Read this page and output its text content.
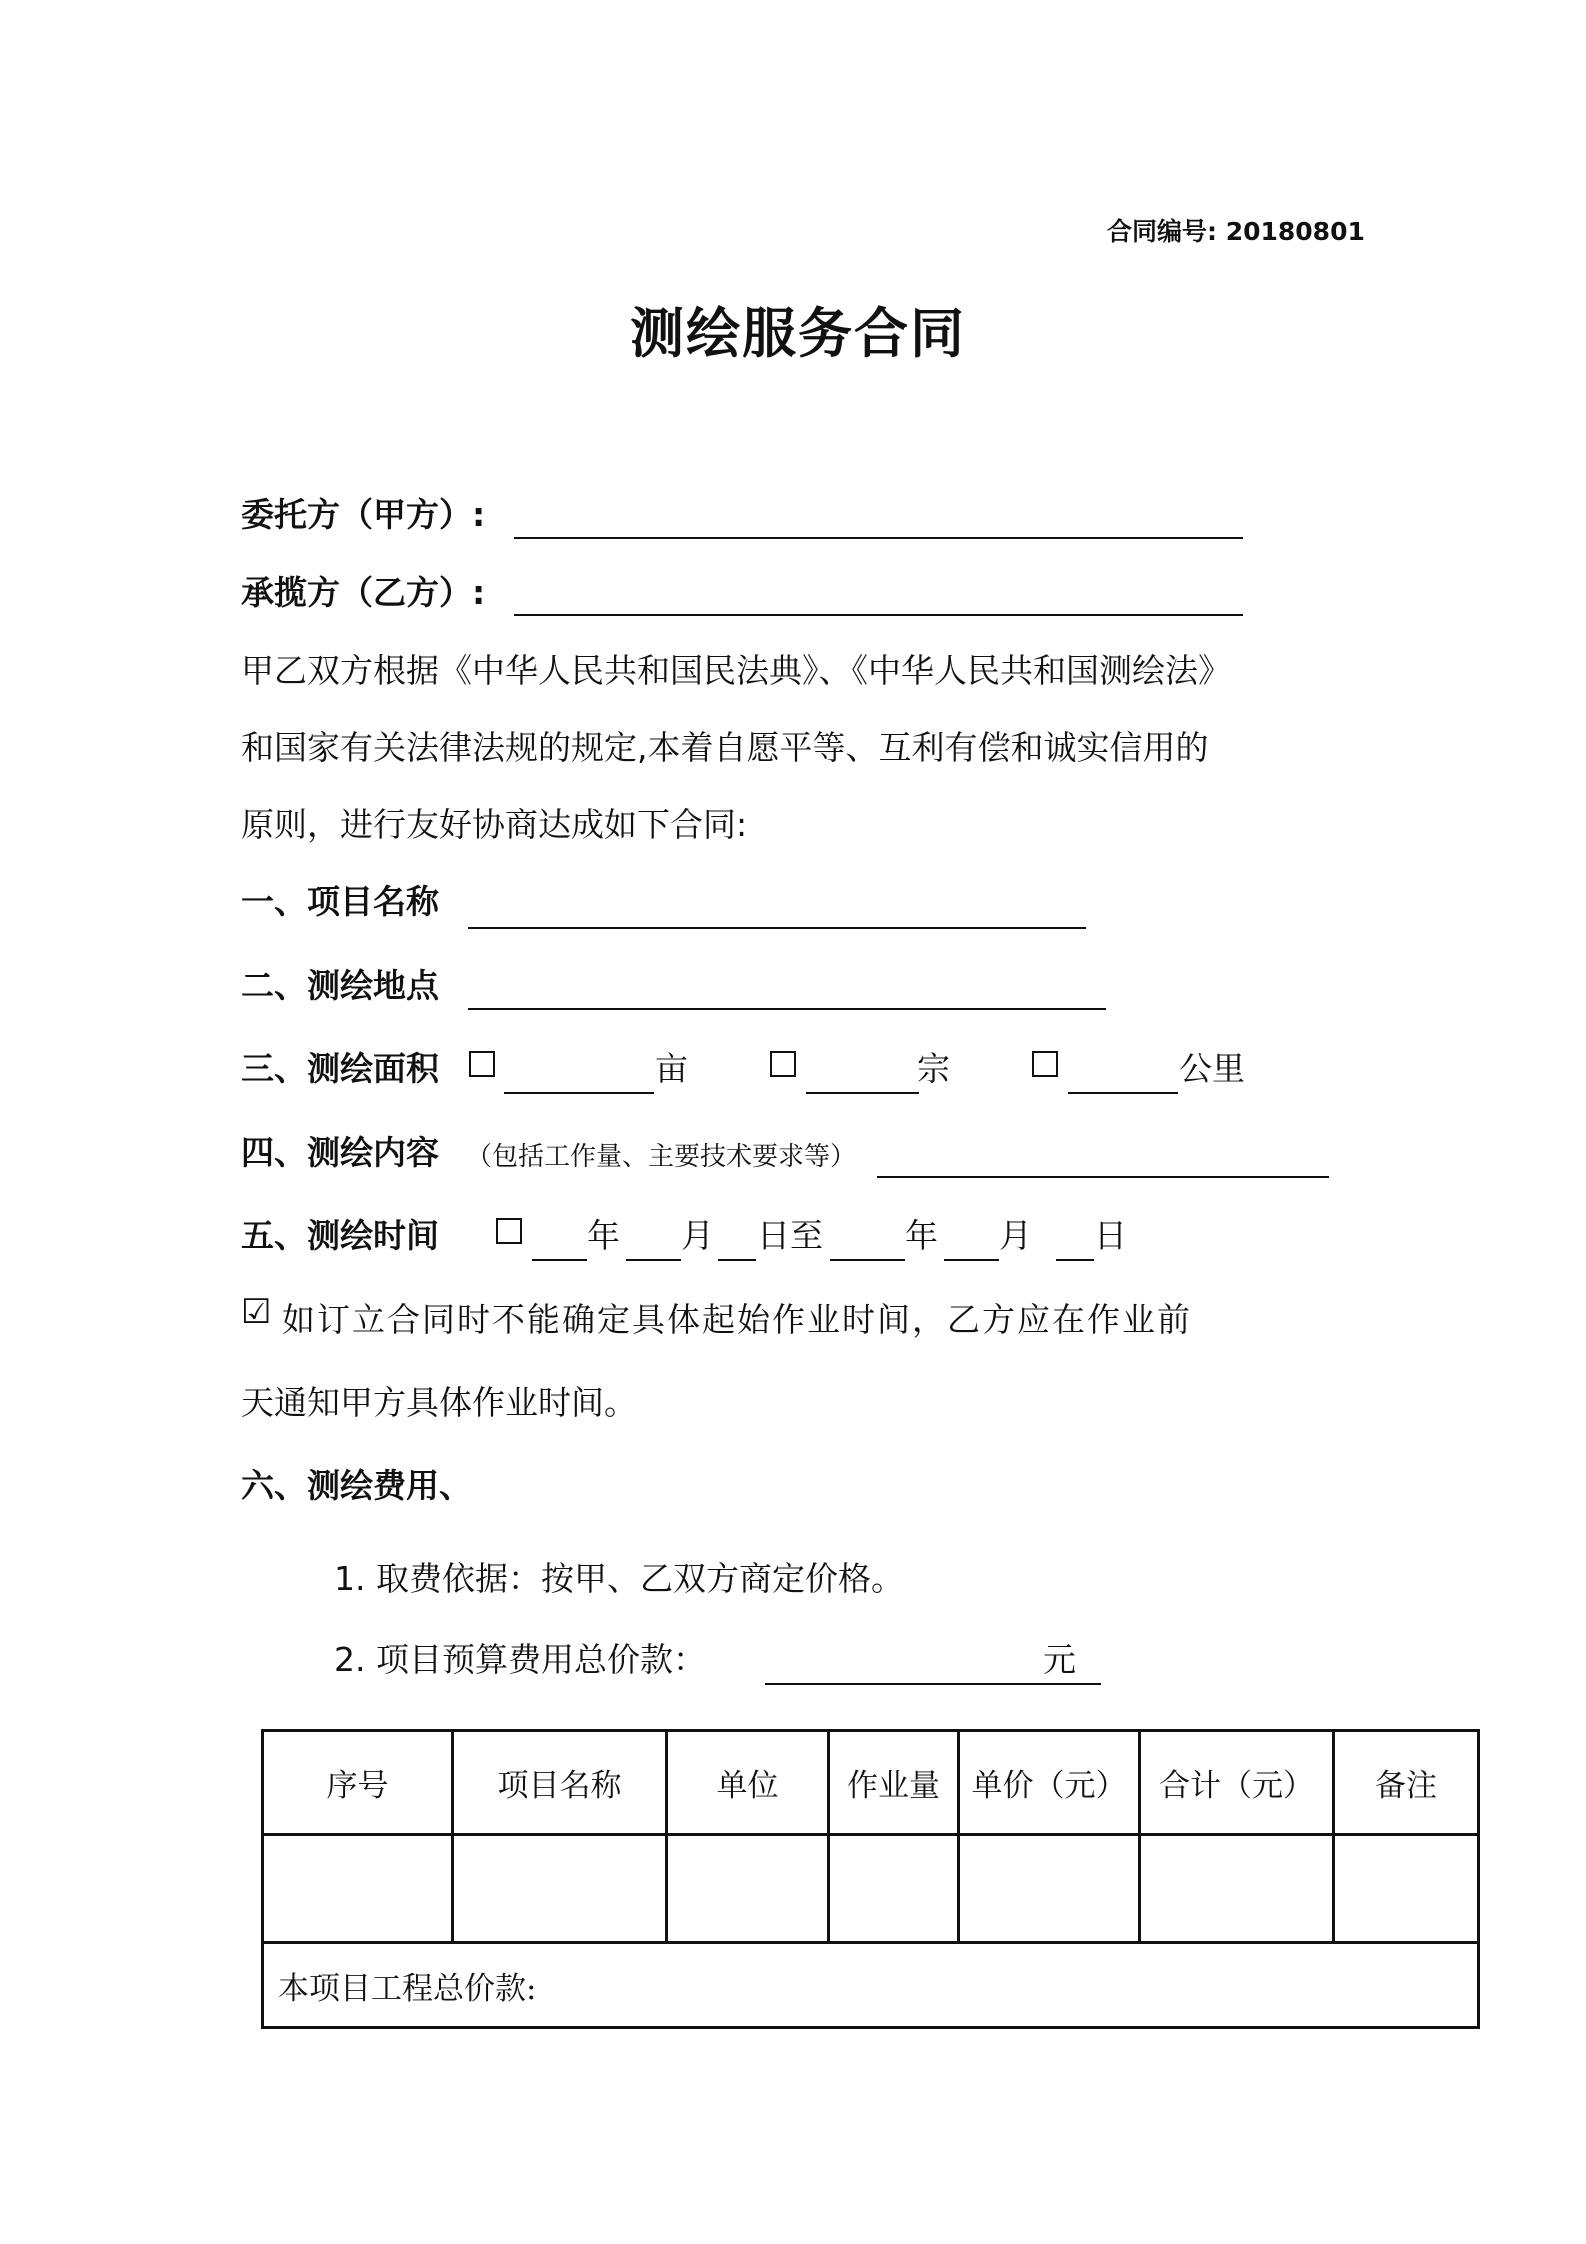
合同编号: 20180801
测绘服务合同
委托方（甲方）:
承揽方（乙方）:
甲乙双方根据《中华人民共和国民法典》、《中华人民共和国测绘法》
和国家有关法律法规的规定,本着自愿平等、互利有偿和诚实信用的
原则，进行友好协商达成如下合同:
一、项目名称
二、测绘地点
三、测绘面积	亩	宗	公里
四、测绘内容 （包括工作量、主要技术要求等）
五、测绘时间	年 月 日至 年 月 日
☑ 如订立合同时不能确定具体起始作业时间，乙方应在作业前
天通知甲方具体作业时间。
六、测绘费用、
1. 取费依据：按甲、乙双方商定价格。
2. 项目预算费用总价款：	元
序号	项目名称	单位	作业量	单价（元）	合计（元）	备注

本项目工程总价款:						
